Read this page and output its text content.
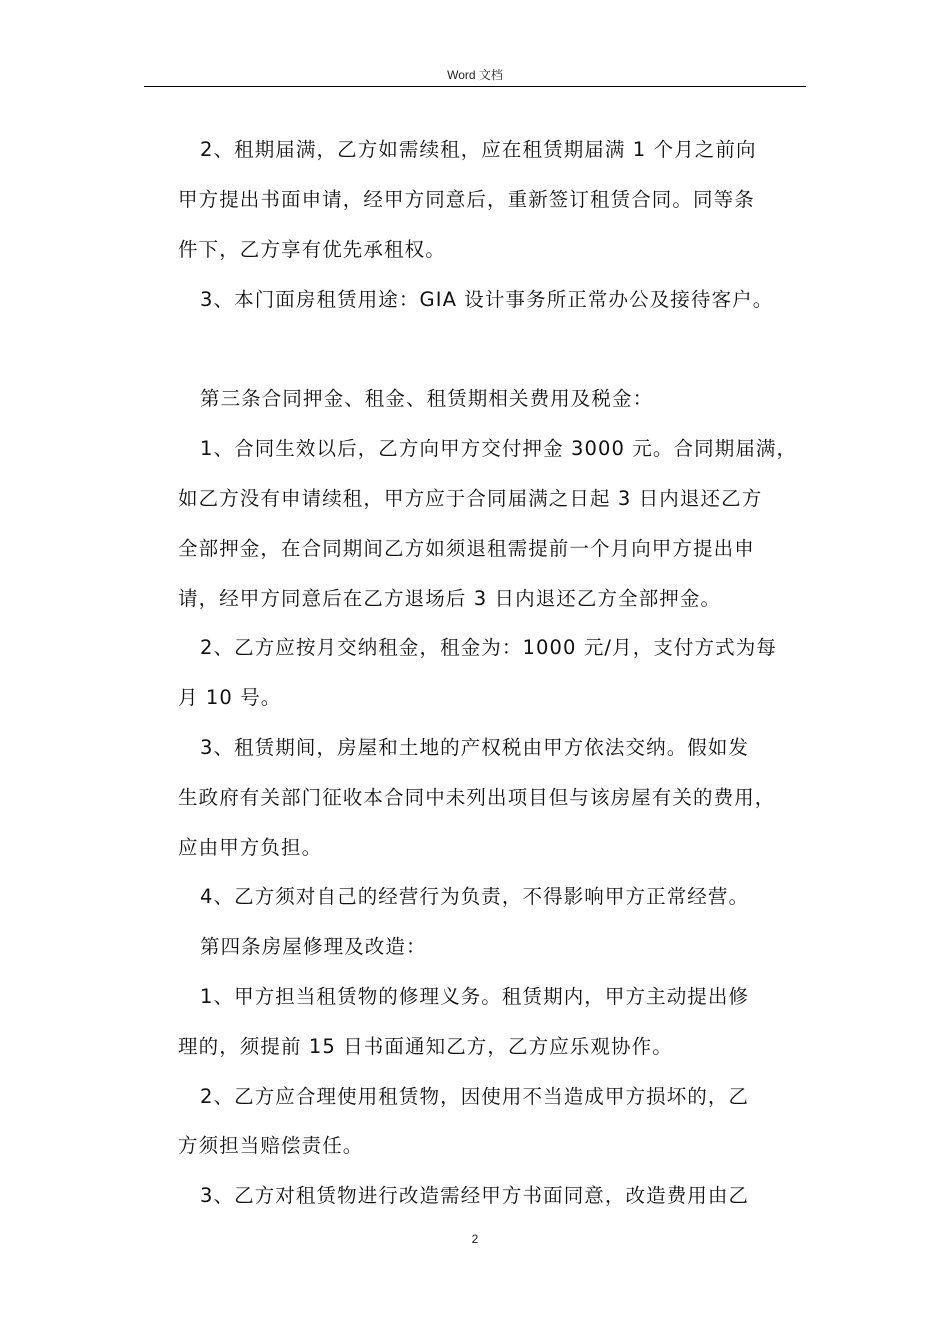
Word 文档
2、租期届满，乙方如需续租，应在租赁期届满 1 个月之前向
甲方提出书面申请，经甲方同意后，重新签订租赁合同。同等条
件下，乙方享有优先承租权。
3、本门面房租赁用途：GIA 设计事务所正常办公及接待客户。
第三条合同押金、租金、租赁期相关费用及税金：
1、合同生效以后，乙方向甲方交付押金 3000 元。合同期届满，
如乙方没有申请续租，甲方应于合同届满之日起 3 日内退还乙方
全部押金，在合同期间乙方如须退租需提前一个月向甲方提出申
请，经甲方同意后在乙方退场后 3 日内退还乙方全部押金。
2、乙方应按月交纳租金，租金为：1000 元/月，支付方式为每
月 10 号。
3、租赁期间，房屋和土地的产权税由甲方依法交纳。假如发
生政府有关部门征收本合同中未列出项目但与该房屋有关的费用，
应由甲方负担。
4、乙方须对自己的经营行为负责，不得影响甲方正常经营。
第四条房屋修理及改造：
1、甲方担当租赁物的修理义务。租赁期内，甲方主动提出修
理的，须提前 15 日书面通知乙方，乙方应乐观协作。
2、乙方应合理使用租赁物，因使用不当造成甲方损坏的，乙
方须担当赔偿责任。
3、乙方对租赁物进行改造需经甲方书面同意，改造费用由乙
2
